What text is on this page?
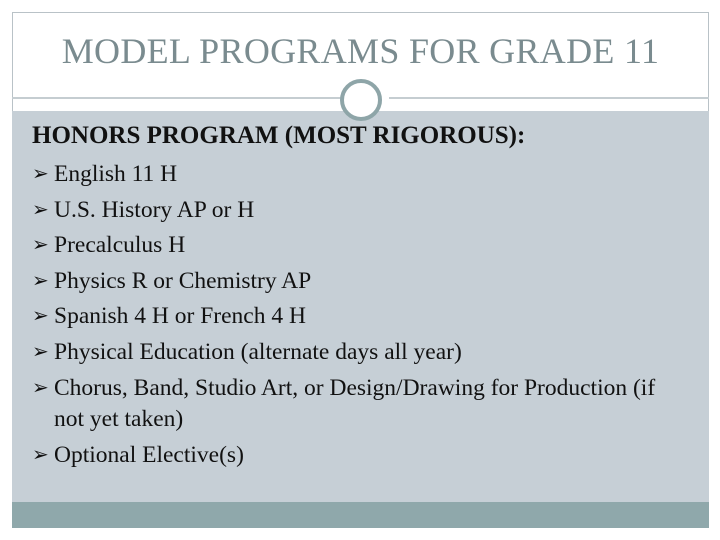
MODEL PROGRAMS FOR GRADE 11
HONORS PROGRAM (MOST RIGOROUS):
➢ English 11 H
➢ U.S. History AP or H
➢ Precalculus H
➢ Physics R or Chemistry AP
➢ Spanish 4 H or French 4 H
➢ Physical Education (alternate days all year)
➢ Chorus, Band, Studio Art, or Design/Drawing for Production (if not yet taken)
➢ Optional Elective(s)
